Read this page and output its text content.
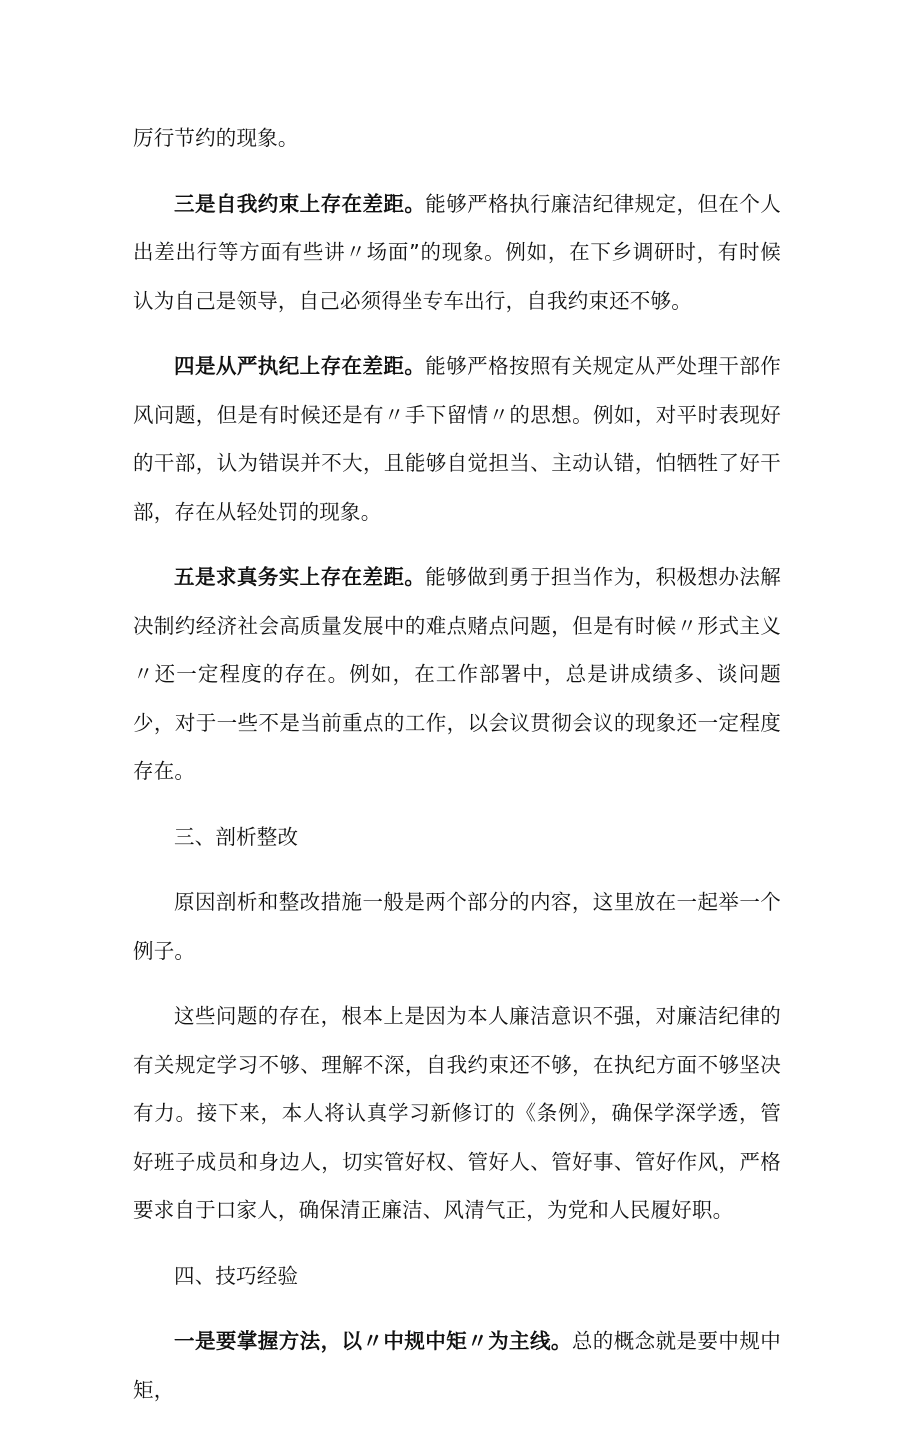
厉行节约的现象。

三是自我约束上存在差距。能够严格执行廉洁纪律规定，但在个人出差出行等方面有些讲〃场面”的现象。例如，在下乡调研时，有时候认为自己是领导，自己必须得坐专车出行，自我约束还不够。

四是从严执纪上存在差距。能够严格按照有关规定从严处理干部作风问题，但是有时候还是有〃手下留情〃的思想。例如，对平时表现好的干部，认为错误并不大，且能够自觉担当、主动认错，怕牺牲了好干部，存在从轻处罚的现象。

五是求真务实上存在差距。能够做到勇于担当作为，积极想办法解决制约经济社会高质量发展中的难点赌点问题，但是有时候〃形式主义〃还一定程度的存在。例如，在工作部署中，总是讲成绩多、谈问题少，对于一些不是当前重点的工作，以会议贯彻会议的现象还一定程度存在。

三、剖析整改

原因剖析和整改措施一般是两个部分的内容，这里放在一起举一个例子。

这些问题的存在，根本上是因为本人廉洁意识不强，对廉洁纪律的有关规定学习不够、理解不深，自我约束还不够，在执纪方面不够坚决有力。接下来，本人将认真学习新修订的《条例》，确保学深学透，管好班子成员和身边人，切实管好权、管好人、管好事、管好作风，严格要求自于口家人，确保清正廉洁、风清气正，为党和人民履好职。

四、技巧经验

一是要掌握方法，以〃中规中矩〃为主线。总的概念就是要中规中矩，
